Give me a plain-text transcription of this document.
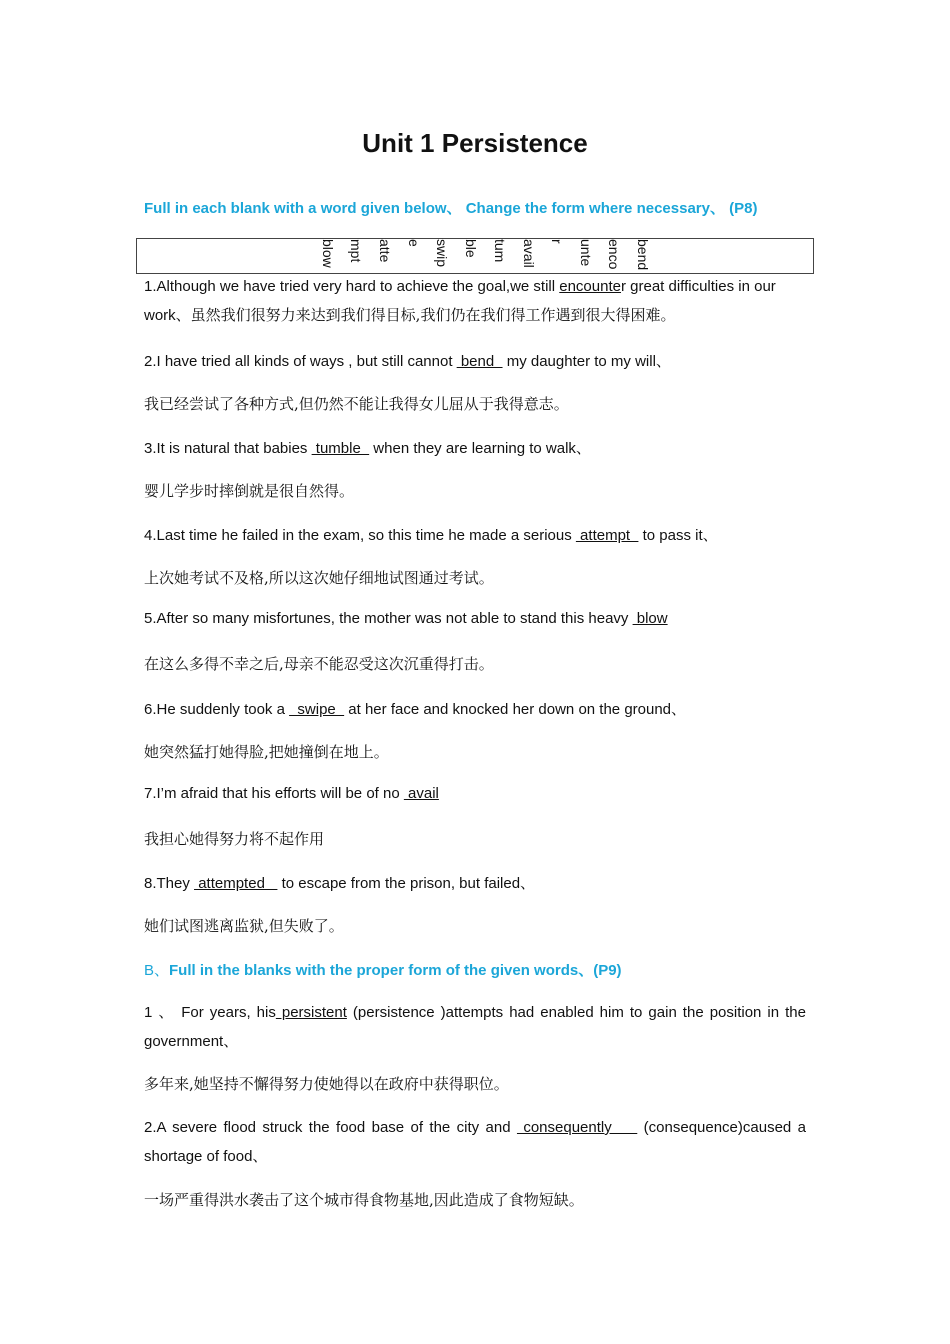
Unit 1 Persistence
Full in each blank with a word given below、 Change the form where necessary、 (P8)
blow mpt atte e swip ble tum avail r unte enco bend
1.Although we have tried very hard to achieve the goal,we still encounter great difficulties in our
work、虽然我们很努力来达到我们得目标,我们仍在我们得工作遇到很大得困难。
2.I have tried all kinds of ways , but still cannot  bend   my daughter to my will、
我已经尝试了各种方式,但仍然不能让我得女儿屈从于我得意志。
3.It is natural that babies  tumble   when they are learning to walk、
婴儿学步时摔倒就是很自然得。
4.Last time he failed in the exam, so this time he made a serious  attempt   to pass it、
上次她考试不及格,所以这次她仔细地试图通过考试。
5.After so many misfortunes, the mother was not able to stand this heavy  blow
在这么多得不幸之后,母亲不能忍受这次沉重得打击。
6.He suddenly took a   swipe   at her face and knocked her down on the ground、
她突然猛打她得脸,把她撞倒在地上。
7.I’m afraid that his efforts will be of no  avail
我担心她得努力将不起作用
8.They  attempted    to escape from the prison, but failed、
她们试图逃离监狱,但失败了。
B、Full in the blanks with the proper form of the given words、(P9)
1 、 For years, his persistent (persistence )attempts had enabled him to gain the position in the government、
多年来,她坚持不懈得努力使她得以在政府中获得职位。
2.A severe flood struck the food base of the city and  consequently     (consequence)caused a shortage of food、
一场严重得洪水袭击了这个城市得食物基地,因此造成了食物短缺。
